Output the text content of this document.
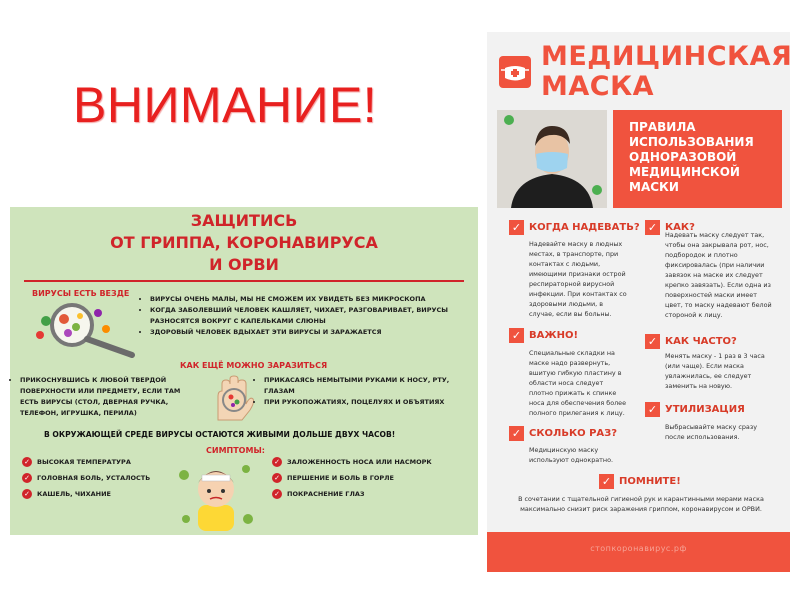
ВНИМАНИЕ!
ЗАЩИТИСЬ
ОТ ГРИППА, КОРОНАВИРУСА
И ОРВИ
ВИРУСЫ ЕСТЬ ВЕЗДЕ
• ВИРУСЫ ОЧЕНЬ МАЛЫ, МЫ НЕ СМОЖЕМ ИХ УВИДЕТЬ БЕЗ МИКРОСКОПА
• КОГДА ЗАБОЛЕВШИЙ ЧЕЛОВЕК КАШЛЯЕТ, ЧИХАЕТ, РАЗГОВАРИВАЕТ, ВИРУСЫ РАЗНОСЯТСЯ ВОКРУГ С КАПЕЛЬКАМИ СЛЮНЫ
• ЗДОРОВЫЙ ЧЕЛОВЕК ВДЫХАЕТ ЭТИ ВИРУСЫ И ЗАРАЖАЕТСЯ
КАК ЕЩЁ МОЖНО ЗАРАЗИТЬСЯ
• ПРИКОСНУВШИСЬ К ЛЮБОЙ ТВЕРДОЙ ПОВЕРХНОСТИ ИЛИ ПРЕДМЕТУ, ЕСЛИ ТАМ ЕСТЬ ВИРУСЫ (СТОЛ, ДВЕРНАЯ РУЧКА, ТЕЛЕФОН, ИГРУШКА, ПЕРИЛА)
• ПРИКАСАЯСЬ НЕМЫТЫМИ РУКАМИ К НОСУ, РТУ, ГЛАЗАМ
• ПРИ РУКОПОЖАТИЯХ, ПОЦЕЛУЯХ И ОБЪЯТИЯХ
В ОКРУЖАЮЩЕЙ СРЕДЕ ВИРУСЫ ОСТАЮТСЯ ЖИВЫМИ ДОЛЬШЕ ДВУХ ЧАСОВ!
СИМПТОМЫ:
✓	ВЫСОКАЯ ТЕМПЕРАТУРА
✓	ГОЛОВНАЯ БОЛЬ, УСТАЛОСТЬ
✓	КАШЕЛЬ, ЧИХАНИЕ
✓	ЗАЛОЖЕННОСТЬ НОСА ИЛИ НАСМОРК
✓	ПЕРШЕНИЕ И БОЛЬ В ГОРЛЕ
✓	ПОКРАСНЕНИЕ ГЛАЗ
МЕДИЦИНСКАЯ
МАСКА
ПРАВИЛА
ИСПОЛЬЗОВАНИЯ
ОДНОРАЗОВОЙ
МЕДИЦИНСКОЙ
МАСКИ
✓ КОГДА НАДЕВАТЬ?
Надевайте маску в людных местах, в транспорте, при контактах с людьми, имеющими признаки острой респираторной вирусной инфекции. При контактах со здоровыми людьми, в случае, если вы больны.
✓ КАК?
Надевать маску следует так, чтобы она закрывала рот, нос, подбородок и плотно фиксировалась (при наличии завязок на маске их следует крепко завязать). Если одна из поверхностей маски имеет цвет, то маску надевают белой стороной к лицу.
✓ ВАЖНО!
Специальные складки на маске надо развернуть, вшитую гибкую пластину в области носа следует плотно прижать к спинке носа для обеспечения более полного прилегания к лицу.
✓ КАК ЧАСТО?
Менять маску - 1 раз в 3 часа (или чаще). Если маска увлажнилась, ее следует заменить на новую.
✓ УТИЛИЗАЦИЯ
Выбрасывайте маску сразу после использования.
✓ СКОЛЬКО РАЗ?
Медицинскую маску используют однократно.
✓ ПОМНИТЕ!
В сочетании с тщательной гигиеной рук и карантинными мерами маска максимально снизит риск заражения гриппом, коронавирусом и ОРВИ.
стопкоронавирус.рф
